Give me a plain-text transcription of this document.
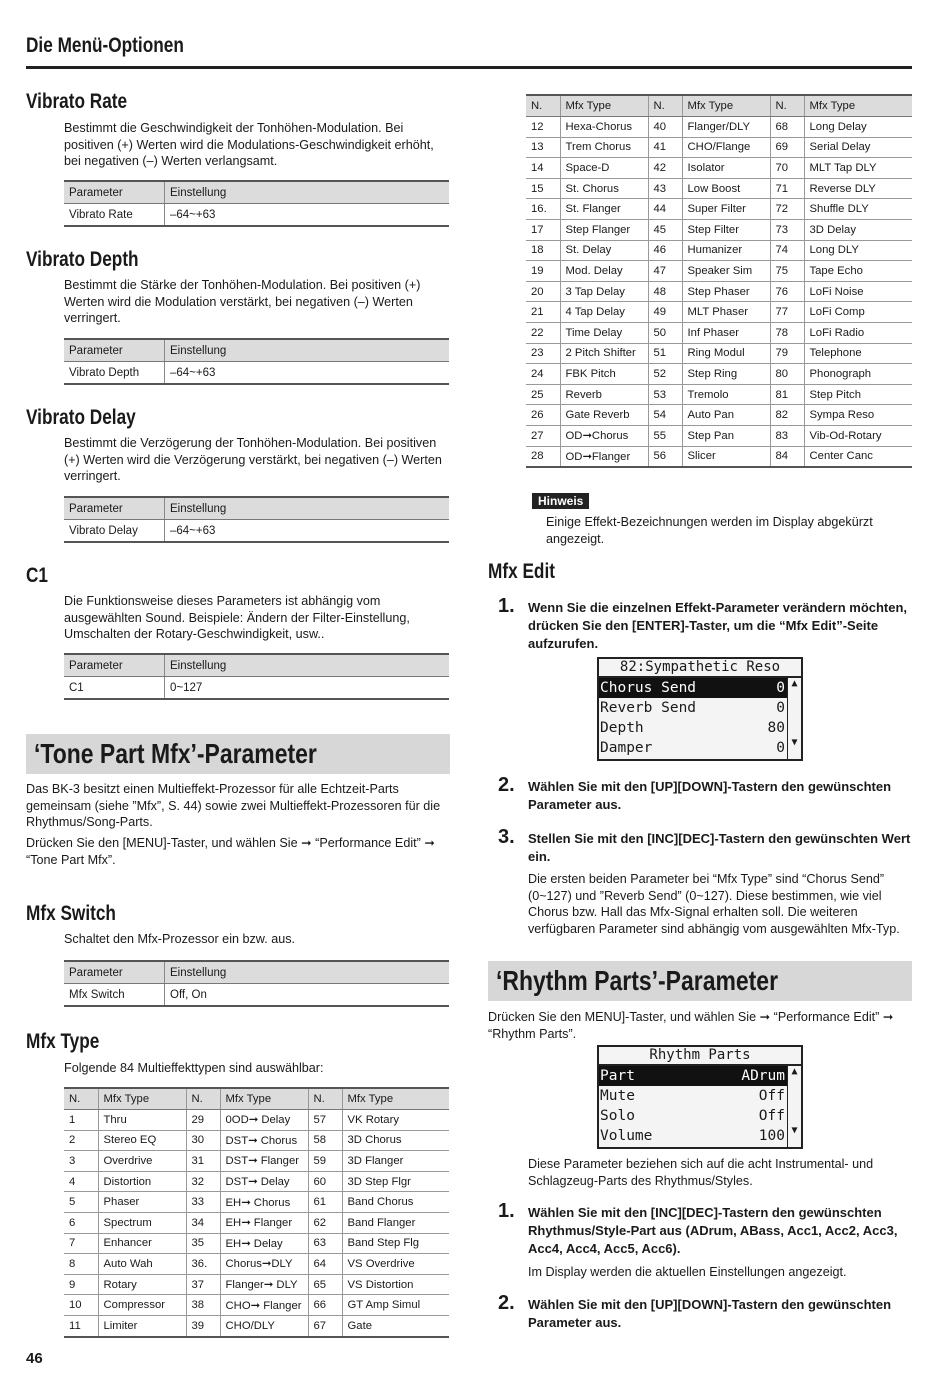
Die Menü-Optionen
Vibrato Rate
Bestimmt die Geschwindigkeit der Tonhöhen-Modulation. Bei positiven (+) Werten wird die Modulations-Geschwindigkeit erhöht, bei negativen (–) Werten verlangsamt.
Parameter	Einstellung
Vibrato Rate	–64~+63
Vibrato Depth
Bestimmt die Stärke der Tonhöhen-Modulation. Bei positiven (+) Werten wird die Modulation verstärkt, bei negativen (–) Werten verringert.
Parameter	Einstellung
Vibrato Depth	–64~+63
Vibrato Delay
Bestimmt die Verzögerung der Tonhöhen-Modulation. Bei positiven (+) Werten wird die Verzögerung verstärkt, bei negativen (–) Werten verringert.
Parameter	Einstellung
Vibrato Delay	–64~+63
C1
Die Funktionsweise dieses Parameters ist abhängig vom ausgewählten Sound. Beispiele: Ändern der Filter-Einstellung, Umschalten der Rotary-Geschwindigkeit, usw..
Parameter	Einstellung
C1	0~127
‘Tone Part Mfx’-Parameter
Das BK-3 besitzt einen Multieffekt-Prozessor für alle Echtzeit-Parts gemeinsam (siehe ”Mfx”, S. 44) sowie zwei Multieffekt-Prozessoren für die Rhythmus/Song-Parts.
Drücken Sie den [MENU]-Taster, und wählen Sie ➞ “Performance Edit” ➞ “Tone Part Mfx”.
Mfx Switch
Schaltet den Mfx-Prozessor ein bzw. aus.
Parameter	Einstellung
Mfx Switch	Off, On
Mfx Type
Folgende 84 Multieffekttypen sind auswählbar:
N.	Mfx Type	N.	Mfx Type	N.	Mfx Type
1	Thru	29	0OD➞ Delay	57	VK Rotary
2	Stereo EQ	30	DST➞ Chorus	58	3D Chorus
3	Overdrive	31	DST➞ Flanger	59	3D Flanger
4	Distortion	32	DST➞ Delay	60	3D Step Flgr
5	Phaser	33	EH➞ Chorus	61	Band Chorus
6	Spectrum	34	EH➞ Flanger	62	Band Flanger
7	Enhancer	35	EH➞ Delay	63	Band Step Flg
8	Auto Wah	36.	Chorus➞DLY	64	VS Overdrive
9	Rotary	37	Flanger➞ DLY	65	VS Distortion
10	Compressor	38	CHO➞ Flanger	66	GT Amp Simul
11	Limiter	39	CHO/DLY	67	Gate
46
N.	Mfx Type	N.	Mfx Type	N.	Mfx Type
12	Hexa-Chorus	40	Flanger/DLY	68	Long Delay
13	Trem Chorus	41	CHO/Flange	69	Serial Delay
14	Space-D	42	Isolator	70	MLT Tap DLY
15	St. Chorus	43	Low Boost	71	Reverse DLY
16.	St. Flanger	44	Super Filter	72	Shuffle DLY
17	Step Flanger	45	Step Filter	73	3D Delay
18	St. Delay	46	Humanizer	74	Long DLY
19	Mod. Delay	47	Speaker Sim	75	Tape Echo
20	3 Tap Delay	48	Step Phaser	76	LoFi Noise
21	4 Tap Delay	49	MLT Phaser	77	LoFi Comp
22	Time Delay	50	Inf Phaser	78	LoFi Radio
23	2 Pitch Shifter	51	Ring Modul	79	Telephone
24	FBK Pitch	52	Step Ring	80	Phonograph
25	Reverb	53	Tremolo	81	Step Pitch
26	Gate Reverb	54	Auto Pan	82	Sympa Reso
27	OD➞Chorus	55	Step Pan	83	Vib-Od-Rotary
28	OD➞Flanger	56	Slicer	84	Center Canc
Hinweis
Einige Effekt-Bezeichnungen werden im Display abgekürzt angezeigt.
Mfx Edit
1. Wenn Sie die einzelnen Effekt-Parameter verändern möchten, drücken Sie den [ENTER]-Taster, um die “Mfx Edit”-Seite aufzurufen.
82:Sympathetic Reso
▲
▼
Chorus Send	0
Reverb Send	0
Depth	80
Damper	0
2. Wählen Sie mit den [UP][DOWN]-Tastern den gewünschten Parameter aus.
3. Stellen Sie mit den [INC][DEC]-Tastern den gewünschten Wert ein.
Die ersten beiden Parameter bei “Mfx Type” sind “Chorus Send” (0~127) und ”Reverb Send” (0~127). Diese bestimmen, wie viel Chorus bzw. Hall das Mfx-Signal erhalten soll. Die weiteren verfügbaren Parameter sind abhängig vom ausgewählten Mfx-Typ.
‘Rhythm Parts’-Parameter
Drücken Sie den MENU]-Taster, und wählen Sie ➞ “Performance Edit” ➞ “Rhythm Parts”.
Rhythm Parts
▲
▼
Part	ADrum
Mute	Off
Solo	Off
Volume	100
Diese Parameter beziehen sich auf die acht Instrumental- und Schlagzeug-Parts des Rhythmus/Styles.
1. Wählen Sie mit den [INC][DEC]-Tastern den gewünschten Rhythmus/Style-Part aus (ADrum, ABass, Acc1, Acc2, Acc3, Acc4, Acc4, Acc5, Acc6).
Im Display werden die aktuellen Einstellungen angezeigt.
2. Wählen Sie mit den [UP][DOWN]-Tastern den gewünschten Parameter aus.
